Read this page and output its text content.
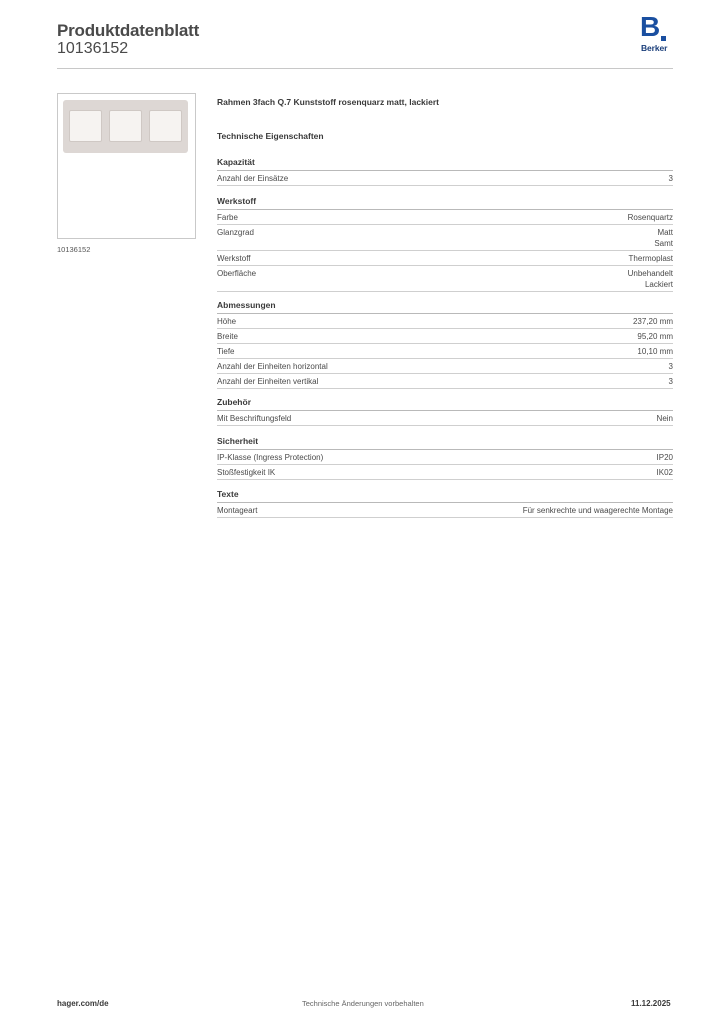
Produktdatenblatt
10136152
B
Berker
10136152
Rahmen 3fach Q.7 Kunststoff rosenquarz matt, lackiert
Technische Eigenschaften
Kapazität
Anzahl der Einsätze	3
Werkstoff
Farbe	Rosenquartz
Glanzgrad	Matt
Samt
Werkstoff	Thermoplast
Oberfläche	Unbehandelt
Lackiert
Abmessungen
Höhe	237,20 mm
Breite	95,20 mm
Tiefe	10,10 mm
Anzahl der Einheiten horizontal	3
Anzahl der Einheiten vertikal	3
Zubehör
Mit Beschriftungsfeld	Nein
Sicherheit
IP-Klasse (Ingress Protection)	IP20
Stoßfestigkeit IK	IK02
Texte
Montageart	Für senkrechte und waagerechte Montage
hager.com/de	Technische Änderungen vorbehalten	11.12.2025
